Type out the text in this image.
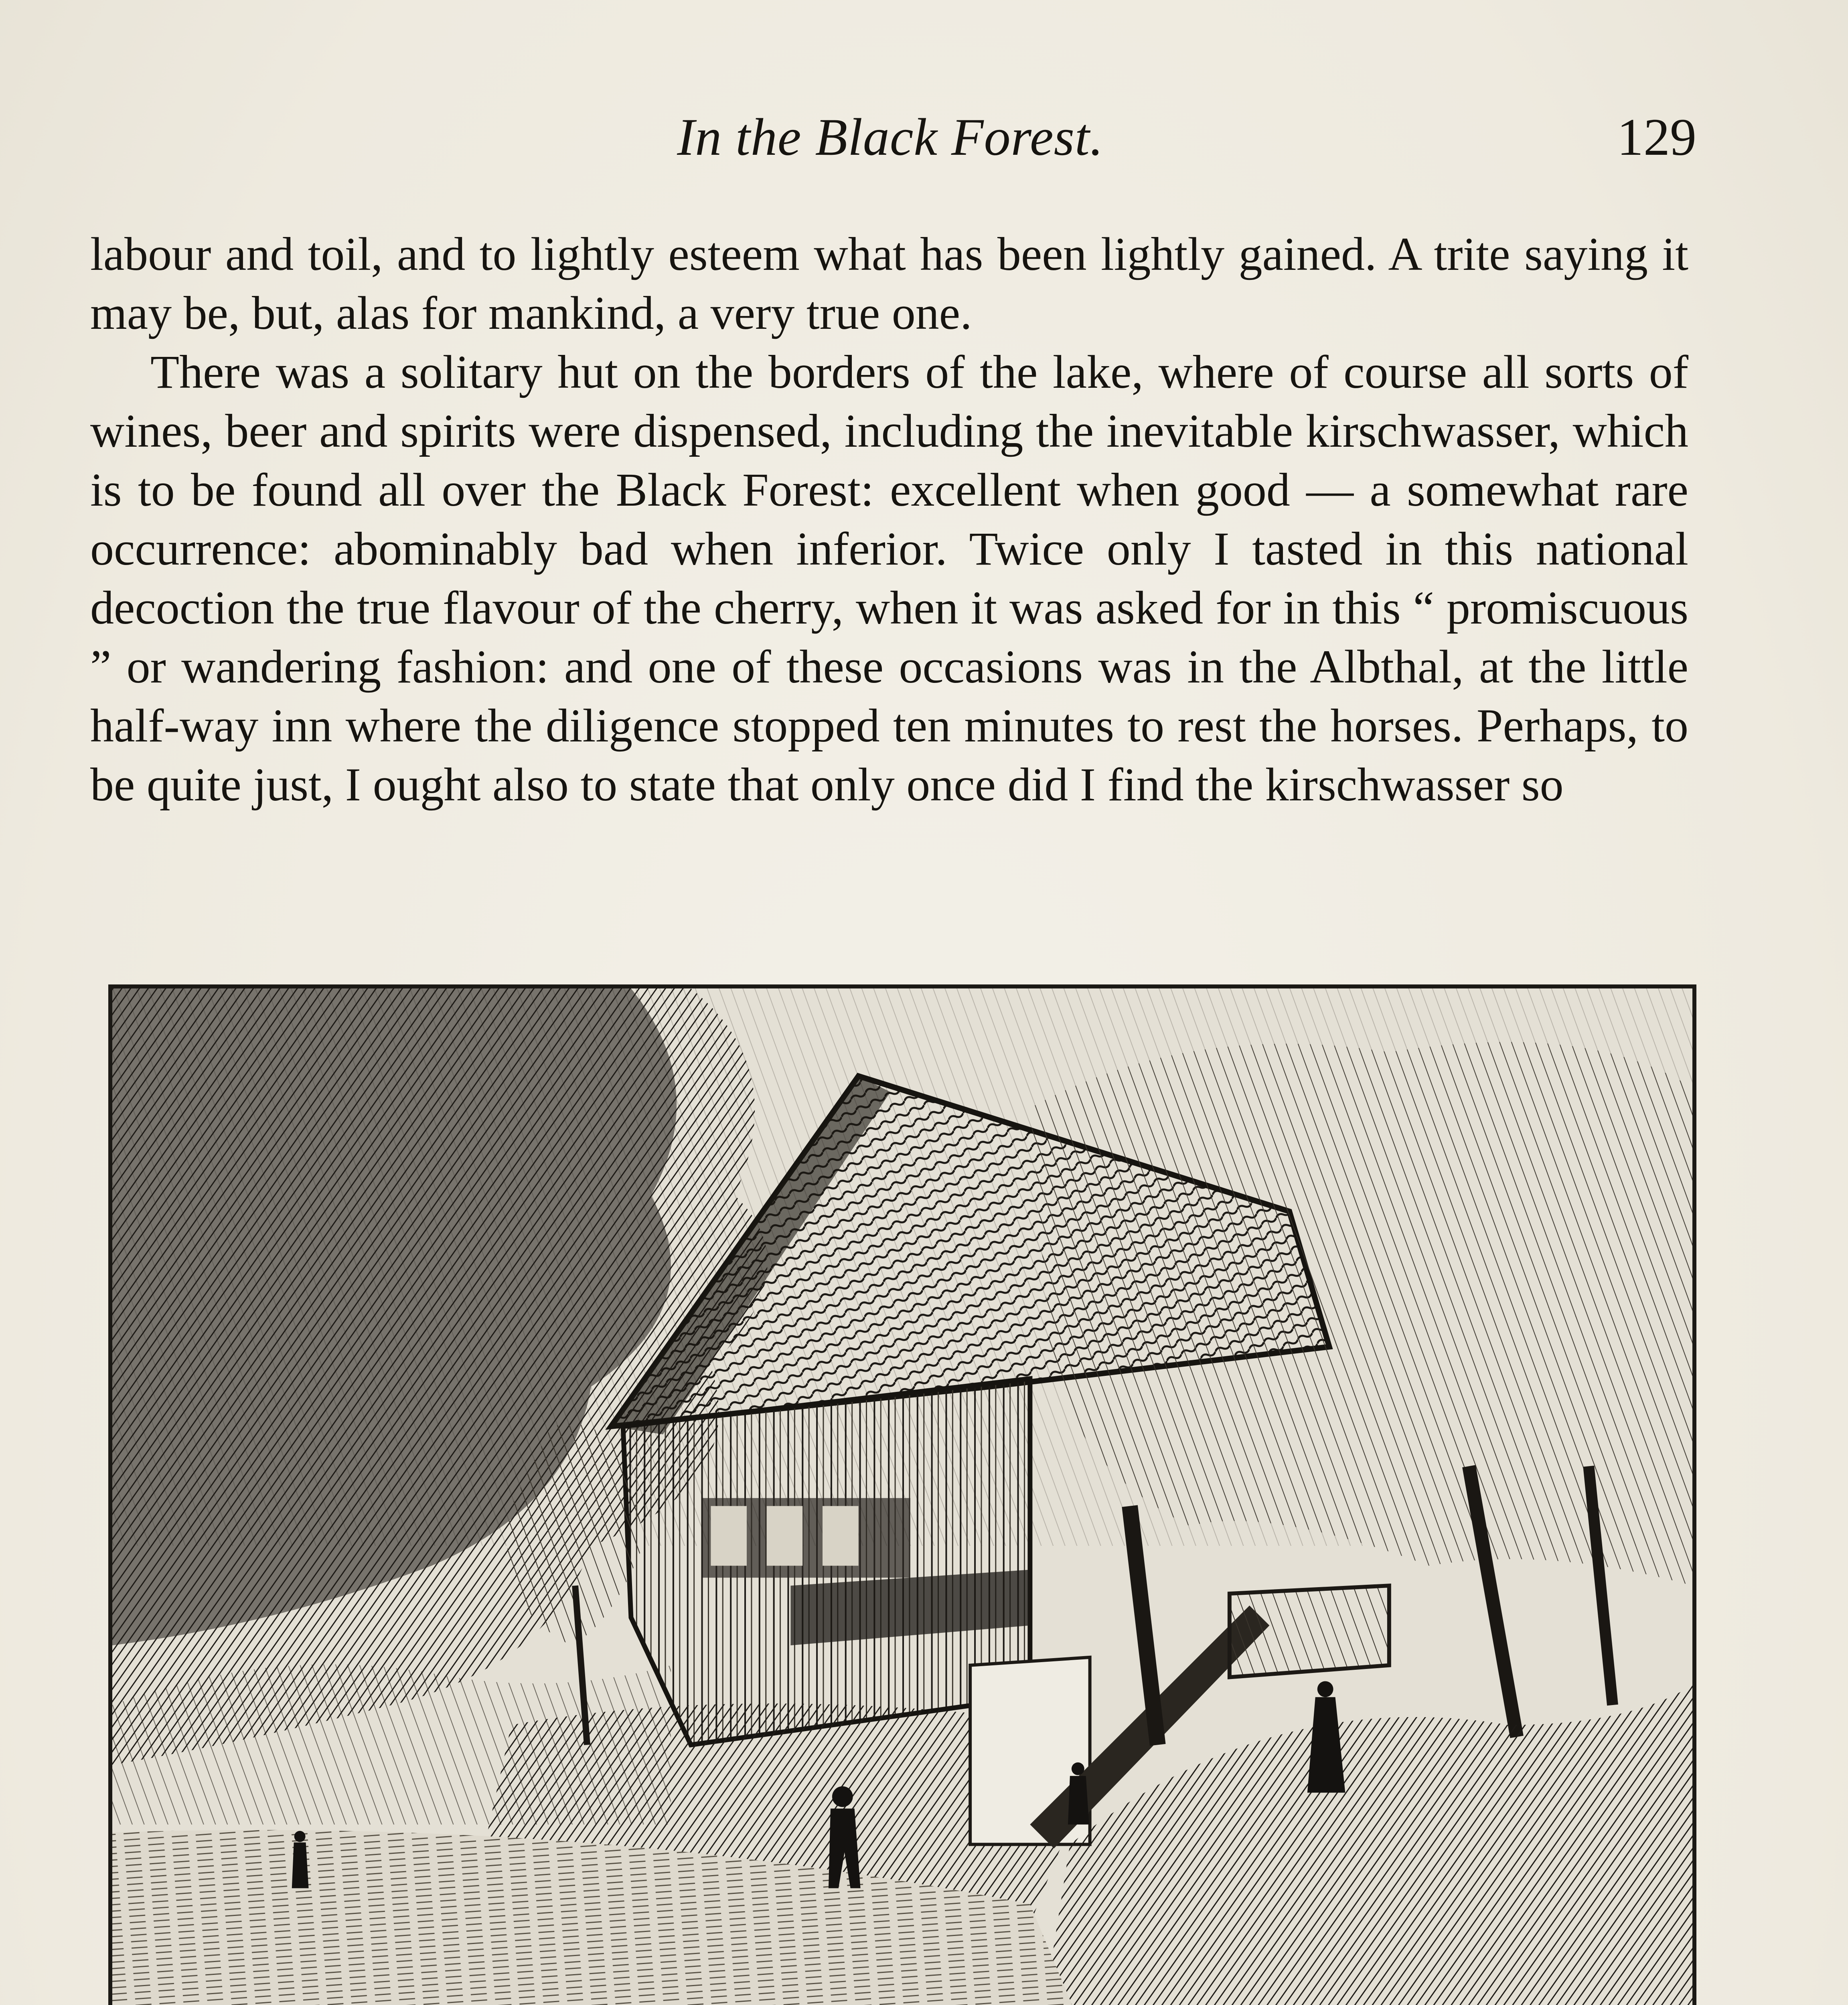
In the Black Forest.	129

labour and toil, and to lightly esteem what has been lightly gained. A trite saying it may be, but, alas for mankind, a very true one.

There was a solitary hut on the borders of the lake, where of course all sorts of wines, beer and spirits were dispensed, including the inevitable kirschwasser, which is to be found all over the Black Forest: excellent when good — a somewhat rare occurrence: abominably bad when inferior. Twice only I tasted in this national decoction the true flavour of the cherry, when it was asked for in this “ promiscuous ” or wandering fashion: and one of these occasions was in the Albthal, at the little half-way inn where the diligence stopped ten minutes to rest the horses. Perhaps, to be quite just, I ought also to state that only once did I find the kirschwasser so
